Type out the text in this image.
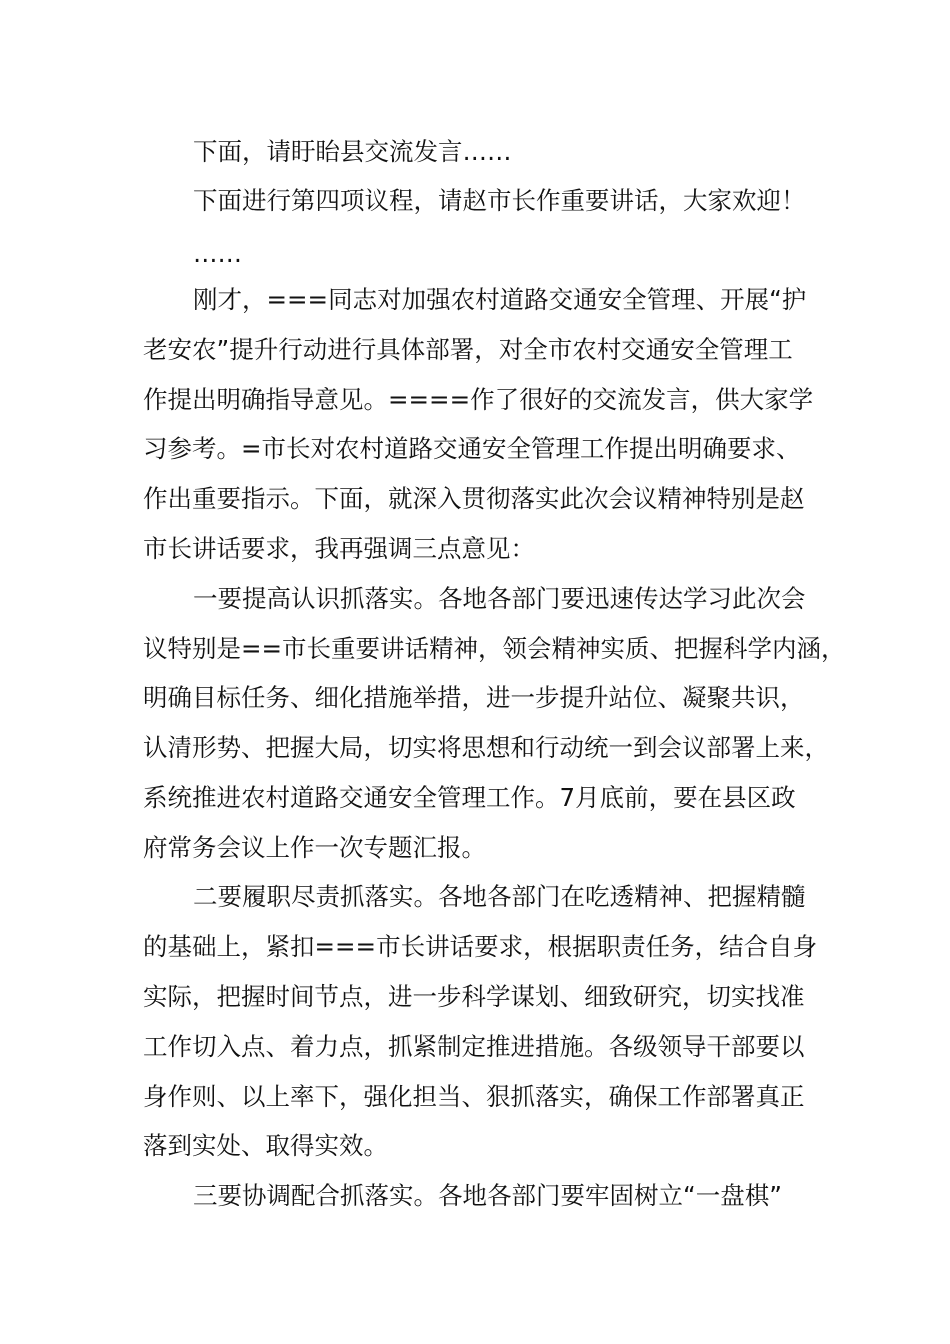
下面，请盱眙县交流发言……

下面进行第四项议程，请赵市长作重要讲话，大家欢迎！

……

刚才，===同志对加强农村道路交通安全管理、开展“护

老安农”提升行动进行具体部署，对全市农村交通安全管理工

作提出明确指导意见。====作了很好的交流发言，供大家学

习参考。=市长对农村道路交通安全管理工作提出明确要求、

作出重要指示。下面，就深入贯彻落实此次会议精神特别是赵

市长讲话要求，我再强调三点意见：

一要提高认识抓落实。各地各部门要迅速传达学习此次会

议特别是==市长重要讲话精神，领会精神实质、把握科学内涵，

明确目标任务、细化措施举措，进一步提升站位、凝聚共识，

认清形势、把握大局，切实将思想和行动统一到会议部署上来，

系统推进农村道路交通安全管理工作。7月底前，要在县区政

府常务会议上作一次专题汇报。

二要履职尽责抓落实。各地各部门在吃透精神、把握精髓

的基础上，紧扣===市长讲话要求，根据职责任务，结合自身

实际，把握时间节点，进一步科学谋划、细致研究，切实找准

工作切入点、着力点，抓紧制定推进措施。各级领导干部要以

身作则、以上率下，强化担当、狠抓落实，确保工作部署真正

落到实处、取得实效。

三要协调配合抓落实。各地各部门要牢固树立“一盘棋”
